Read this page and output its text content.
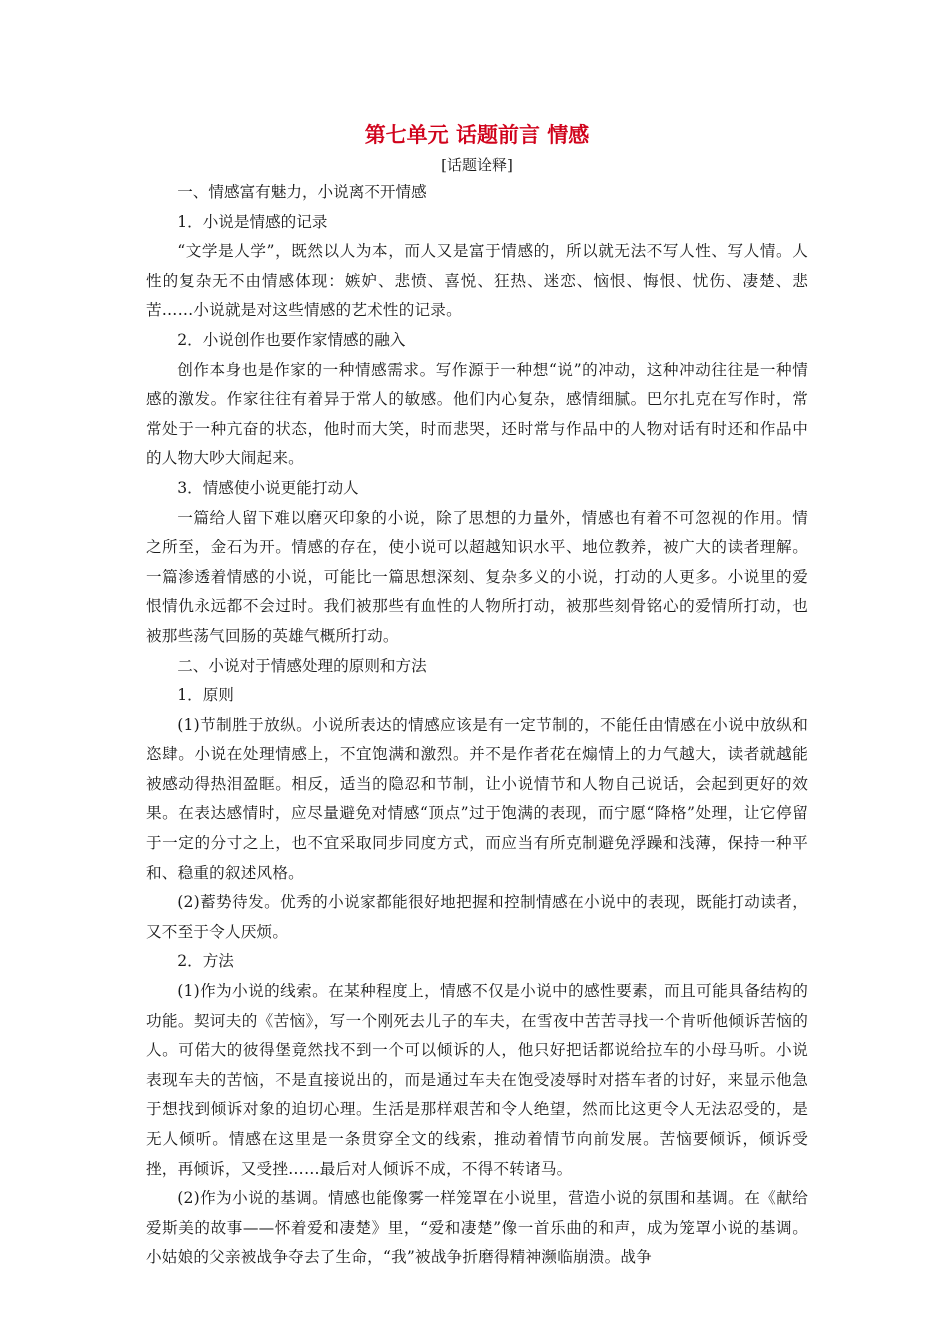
第七单元 话题前言 情感

[话题诠释]

一、情感富有魅力，小说离不开情感

1．小说是情感的记录

“文学是人学”，既然以人为本，而人又是富于情感的，所以就无法不写人性、写人情。人性的复杂无不由情感体现：嫉妒、悲愤、喜悦、狂热、迷恋、恼恨、悔恨、忧伤、凄楚、悲苦……小说就是对这些情感的艺术性的记录。

2．小说创作也要作家情感的融入

创作本身也是作家的一种情感需求。写作源于一种想“说”的冲动，这种冲动往往是一种情感的激发。作家往往有着异于常人的敏感。他们内心复杂，感情细腻。巴尔扎克在写作时，常常处于一种亢奋的状态，他时而大笑，时而悲哭，还时常与作品中的人物对话有时还和作品中的人物大吵大闹起来。

3．情感使小说更能打动人

一篇给人留下难以磨灭印象的小说，除了思想的力量外，情感也有着不可忽视的作用。情之所至，金石为开。情感的存在，使小说可以超越知识水平、地位教养，被广大的读者理解。一篇渗透着情感的小说，可能比一篇思想深刻、复杂多义的小说，打动的人更多。小说里的爱恨情仇永远都不会过时。我们被那些有血性的人物所打动，被那些刻骨铭心的爱情所打动，也被那些荡气回肠的英雄气概所打动。

二、小说对于情感处理的原则和方法

1．原则

(1)节制胜于放纵。小说所表达的情感应该是有一定节制的，不能任由情感在小说中放纵和恣肆。小说在处理情感上，不宜饱满和激烈。并不是作者花在煽情上的力气越大，读者就越能被感动得热泪盈眶。相反，适当的隐忍和节制，让小说情节和人物自己说话，会起到更好的效果。在表达感情时，应尽量避免对情感“顶点”过于饱满的表现，而宁愿“降格”处理，让它停留于一定的分寸之上，也不宜采取同步同度方式，而应当有所克制避免浮躁和浅薄，保持一种平和、稳重的叙述风格。

(2)蓄势待发。优秀的小说家都能很好地把握和控制情感在小说中的表现，既能打动读者，又不至于令人厌烦。

2．方法

(1)作为小说的线索。在某种程度上，情感不仅是小说中的感性要素，而且可能具备结构的功能。契诃夫的《苦恼》，写一个刚死去儿子的车夫，在雪夜中苦苦寻找一个肯听他倾诉苦恼的人。可偌大的彼得堡竟然找不到一个可以倾诉的人，他只好把话都说给拉车的小母马听。小说表现车夫的苦恼，不是直接说出的，而是通过车夫在饱受凌辱时对搭车者的讨好，来显示他急于想找到倾诉对象的迫切心理。生活是那样艰苦和令人绝望，然而比这更令人无法忍受的，是无人倾听。情感在这里是一条贯穿全文的线索，推动着情节向前发展。苦恼要倾诉，倾诉受挫，再倾诉，又受挫……最后对人倾诉不成，不得不转诸马。

(2)作为小说的基调。情感也能像雾一样笼罩在小说里，营造小说的氛围和基调。在《献给爱斯美的故事——怀着爱和凄楚》里，“爱和凄楚”像一首乐曲的和声，成为笼罩小说的基调。小姑娘的父亲被战争夺去了生命，“我”被战争折磨得精神濒临崩溃。战争
